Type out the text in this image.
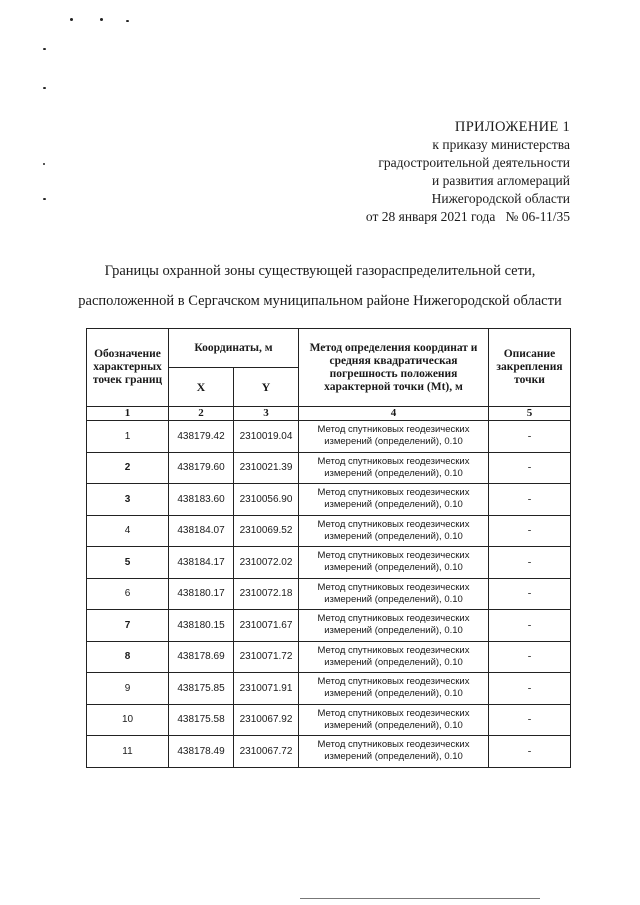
ПРИЛОЖЕНИЕ 1
к приказу министерства
градостроительной деятельности
и развития агломераций
Нижегородской области
от 28 января 2021 года   № 06-11/35
Границы охранной зоны существующей газораспределительной сети,
расположенной в Сергачском муниципальном районе Нижегородской области
Обозначение характерных точек границ	Координаты, м		Метод определения координат и средняя квадратическая погрешность положения характерной точки (Mt), м	Описание закрепления точки
	X	Y		
1	2	3	4	5
1	438179.42	2310019.04	Метод спутниковых геодезических измерений (определений), 0.10	-
2	438179.60	2310021.39	Метод спутниковых геодезических измерений (определений), 0.10	-
3	438183.60	2310056.90	Метод спутниковых геодезических измерений (определений), 0.10	-
4	438184.07	2310069.52	Метод спутниковых геодезических измерений (определений), 0.10	-
5	438184.17	2310072.02	Метод спутниковых геодезических измерений (определений), 0.10	-
6	438180.17	2310072.18	Метод спутниковых геодезических измерений (определений), 0.10	-
7	438180.15	2310071.67	Метод спутниковых геодезических измерений (определений), 0.10	-
8	438178.69	2310071.72	Метод спутниковых геодезических измерений (определений), 0.10	-
9	438175.85	2310071.91	Метод спутниковых геодезических измерений (определений), 0.10	-
10	438175.58	2310067.92	Метод спутниковых геодезических измерений (определений), 0.10	-
11	438178.49	2310067.72	Метод спутниковых геодезических измерений (определений), 0.10	-
